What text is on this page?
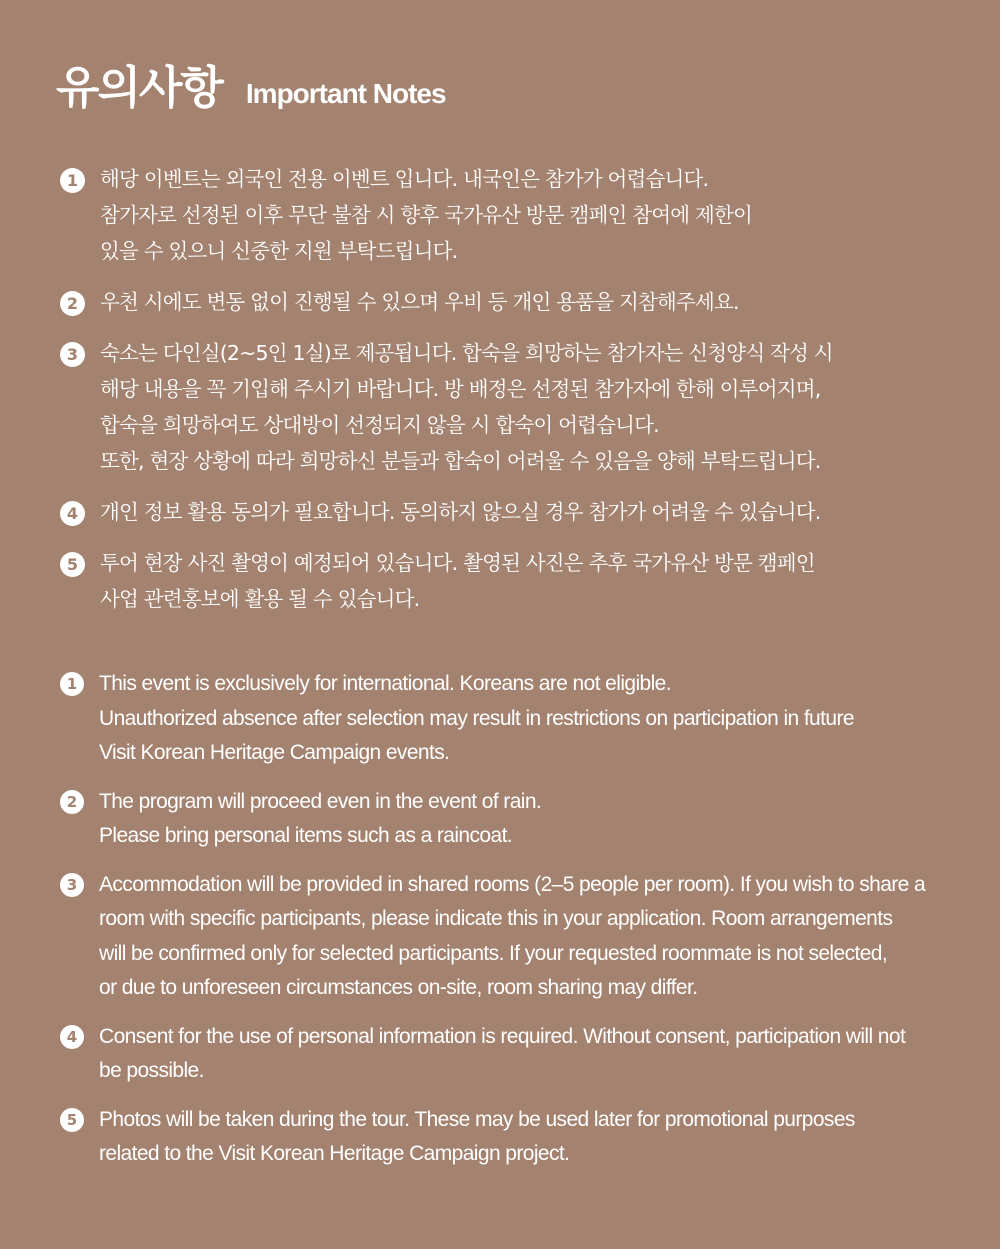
유의사항 Important Notes
1	해당 이벤트는 외국인 전용 이벤트 입니다. 내국인은 참가가 어렵습니다.
참가자로 선정된 이후 무단 불참 시 향후 국가유산 방문 캠페인 참여에 제한이
있을 수 있으니 신중한 지원 부탁드립니다.
2	우천 시에도 변동 없이 진행될 수 있으며 우비 등 개인 용품을 지참해주세요.
3	숙소는 다인실(2~5인 1실)로 제공됩니다. 합숙을 희망하는 참가자는 신청양식 작성 시
해당 내용을 꼭 기입해 주시기 바랍니다. 방 배정은 선정된 참가자에 한해 이루어지며,
합숙을 희망하여도 상대방이 선정되지 않을 시 합숙이 어렵습니다.
또한, 현장 상황에 따라 희망하신 분들과 합숙이 어려울 수 있음을 양해 부탁드립니다.
4	개인 정보 활용 동의가 필요합니다. 동의하지 않으실 경우 참가가 어려울 수 있습니다.
5	투어 현장 사진 촬영이 예정되어 있습니다. 촬영된 사진은 추후 국가유산 방문 캠페인
사업 관련홍보에 활용 될 수 있습니다.
1	This event is exclusively for international. Koreans are not eligible.
Unauthorized absence after selection may result in restrictions on participation in future
Visit Korean Heritage Campaign events.
2	The program will proceed even in the event of rain.
Please bring personal items such as a raincoat.
3	Accommodation will be provided in shared rooms (2–5 people per room). If you wish to share a
room with specific participants, please indicate this in your application. Room arrangements
will be confirmed only for selected participants. If your requested roommate is not selected,
or due to unforeseen circumstances on-site, room sharing may differ.
4	Consent for the use of personal information is required. Without consent, participation will not
be possible.
5	Photos will be taken during the tour. These may be used later for promotional purposes
related to the Visit Korean Heritage Campaign project.
